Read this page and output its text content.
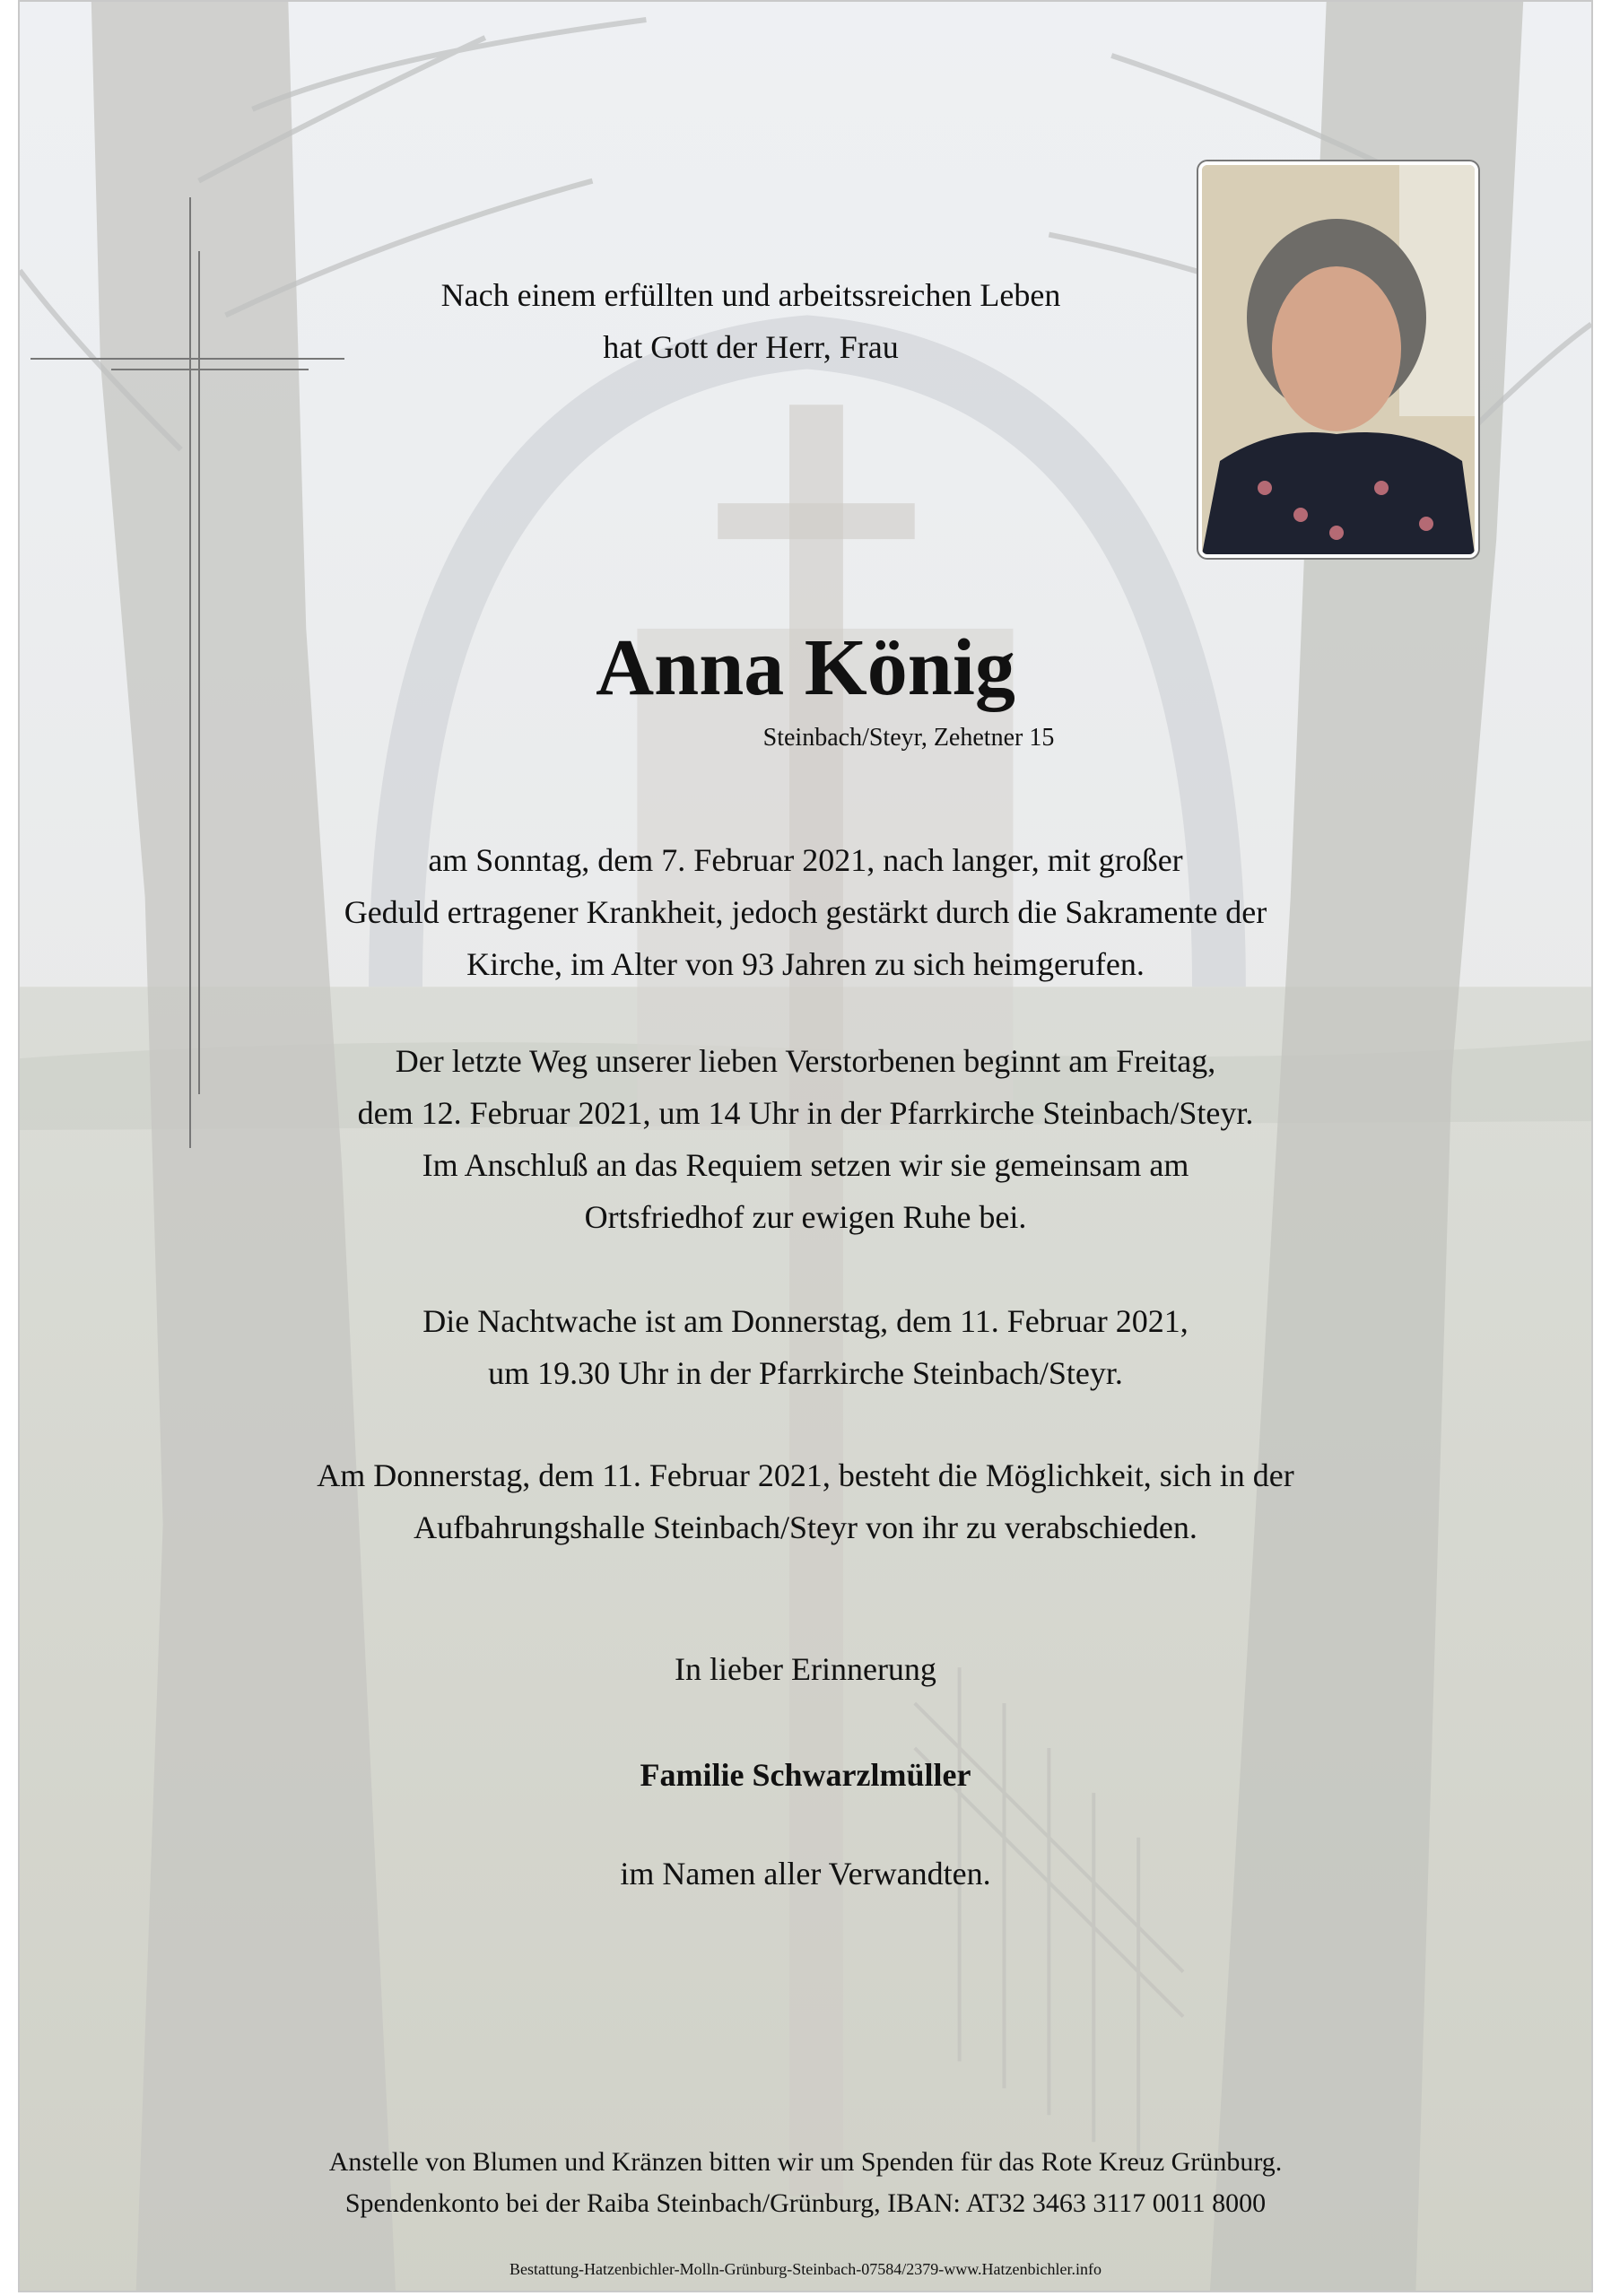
Nach einem erfüllten und arbeitssreichen Leben
hat Gott der Herr, Frau
Anna König
Steinbach/Steyr, Zehetner 15
am Sonntag, dem 7. Februar 2021, nach langer, mit großer
Geduld ertragener Krankheit, jedoch gestärkt durch die Sakramente der
Kirche, im Alter von 93 Jahren zu sich heimgerufen.
Der letzte Weg unserer lieben Verstorbenen beginnt am Freitag,
dem 12. Februar 2021, um 14 Uhr in der Pfarrkirche Steinbach/Steyr.
Im Anschluß an das Requiem setzen wir sie gemeinsam am
Ortsfriedhof zur ewigen Ruhe bei.
Die Nachtwache ist am Donnerstag, dem 11. Februar 2021,
um 19.30 Uhr in der Pfarrkirche Steinbach/Steyr.
Am Donnerstag, dem 11. Februar 2021, besteht die Möglichkeit, sich in der
Aufbahrungshalle Steinbach/Steyr von ihr zu verabschieden.
In lieber Erinnerung
Familie Schwarzlmüller
im Namen aller Verwandten.
Anstelle von Blumen und Kränzen bitten wir um Spenden für das Rote Kreuz Grünburg.
Spendenkonto bei der Raiba Steinbach/Grünburg, IBAN: AT32 3463 3117 0011 8000
Bestattung-Hatzenbichler-Molln-Grünburg-Steinbach-07584/2379-www.Hatzenbichler.info
